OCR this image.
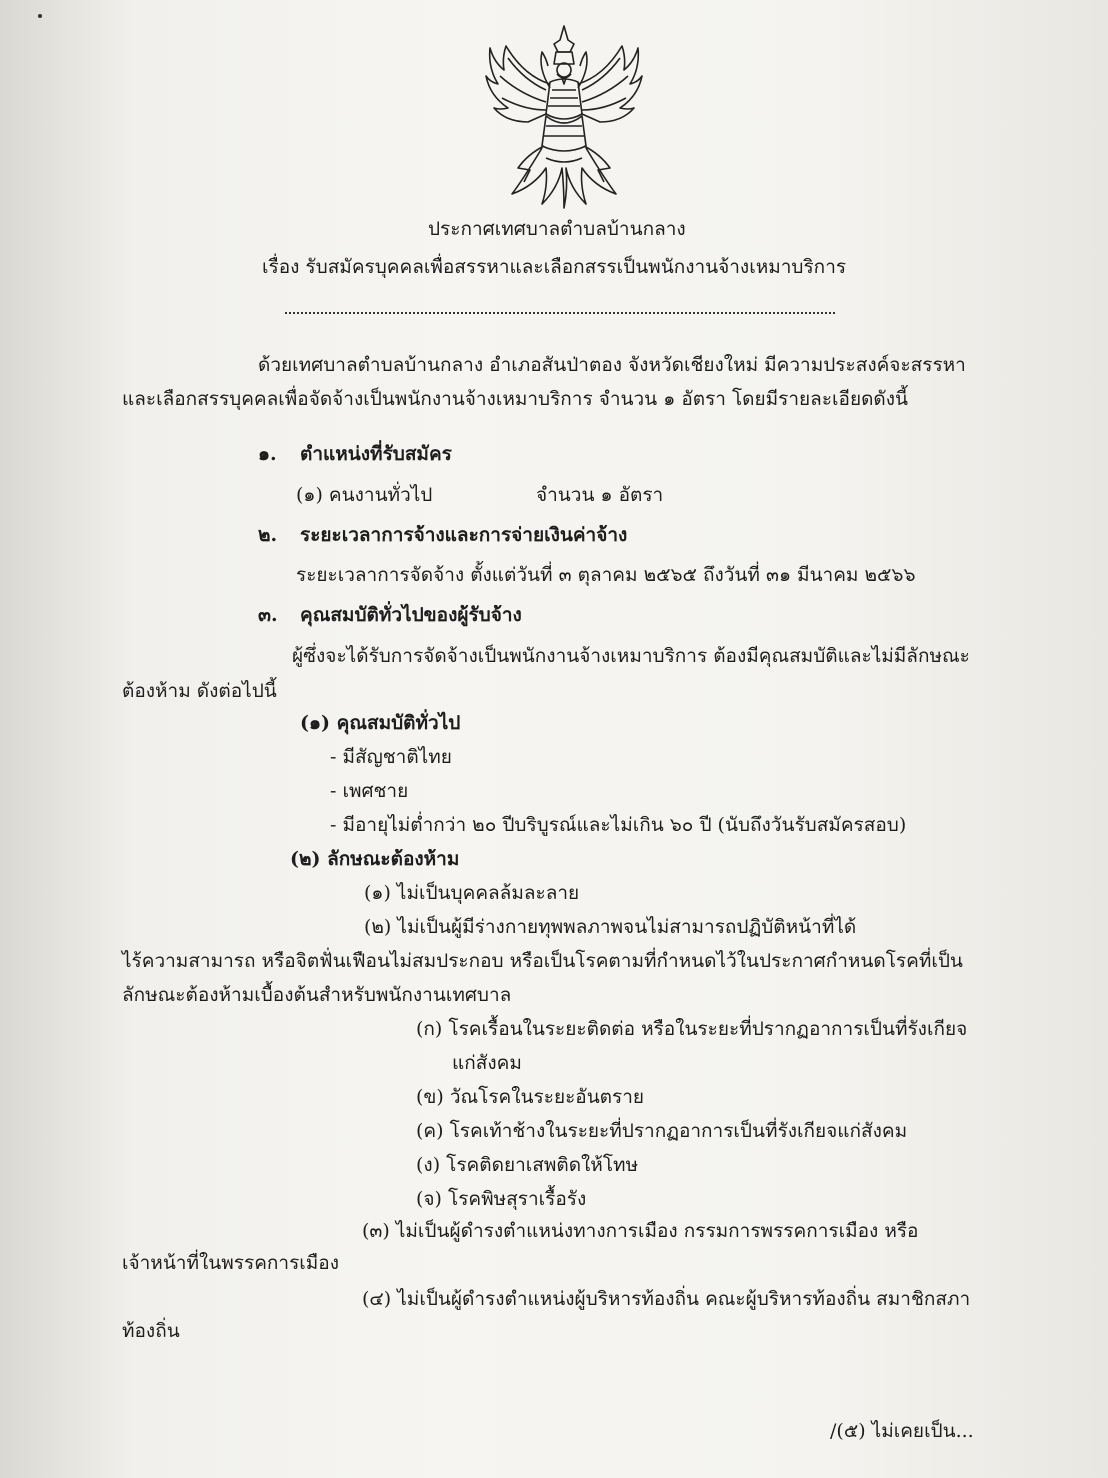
ประกาศเทศบาลตำบลบ้านกลาง
เรื่อง รับสมัครบุคคลเพื่อสรรหาและเลือกสรรเป็นพนักงานจ้างเหมาบริการ
ด้วยเทศบาลตำบลบ้านกลาง อำเภอสันป่าตอง จังหวัดเชียงใหม่ มีความประสงค์จะสรรหา
และเลือกสรรบุคคลเพื่อจัดจ้างเป็นพนักงานจ้างเหมาบริการ จำนวน ๑ อัตรา โดยมีรายละเอียดดังนี้
๑. ตำแหน่งที่รับสมัคร
(๑) คนงานทั่วไป	จำนวน ๑ อัตรา
๒. ระยะเวลาการจ้างและการจ่ายเงินค่าจ้าง
ระยะเวลาการจัดจ้าง ตั้งแต่วันที่ ๓ ตุลาคม ๒๕๖๕ ถึงวันที่ ๓๑ มีนาคม ๒๕๖๖
๓. คุณสมบัติทั่วไปของผู้รับจ้าง
ผู้ซึ่งจะได้รับการจัดจ้างเป็นพนักงานจ้างเหมาบริการ ต้องมีคุณสมบัติและไม่มีลักษณะ
ต้องห้าม ดังต่อไปนี้
(๑) คุณสมบัติทั่วไป
- มีสัญชาติไทย
- เพศชาย
- มีอายุไม่ต่ำกว่า ๒๐ ปีบริบูรณ์และไม่เกิน ๖๐ ปี (นับถึงวันรับสมัครสอบ)
(๒) ลักษณะต้องห้าม
(๑) ไม่เป็นบุคคลล้มละลาย
(๒) ไม่เป็นผู้มีร่างกายทุพพลภาพจนไม่สามารถปฏิบัติหน้าที่ได้
ไร้ความสามารถ หรือจิตฟั่นเฟือนไม่สมประกอบ หรือเป็นโรคตามที่กำหนดไว้ในประกาศกำหนดโรคที่เป็น
ลักษณะต้องห้ามเบื้องต้นสำหรับพนักงานเทศบาล
(ก) โรคเรื้อนในระยะติดต่อ หรือในระยะที่ปรากฏอาการเป็นที่รังเกียจ
แก่สังคม
(ข) วัณโรคในระยะอันตราย
(ค) โรคเท้าช้างในระยะที่ปรากฏอาการเป็นที่รังเกียจแก่สังคม
(ง) โรคติดยาเสพติดให้โทษ
(จ) โรคพิษสุราเรื้อรัง
(๓) ไม่เป็นผู้ดำรงตำแหน่งทางการเมือง กรรมการพรรคการเมือง หรือ
เจ้าหน้าที่ในพรรคการเมือง
(๔) ไม่เป็นผู้ดำรงตำแหน่งผู้บริหารท้องถิ่น คณะผู้บริหารท้องถิ่น สมาชิกสภา
ท้องถิ่น
/(๕) ไม่เคยเป็น...
